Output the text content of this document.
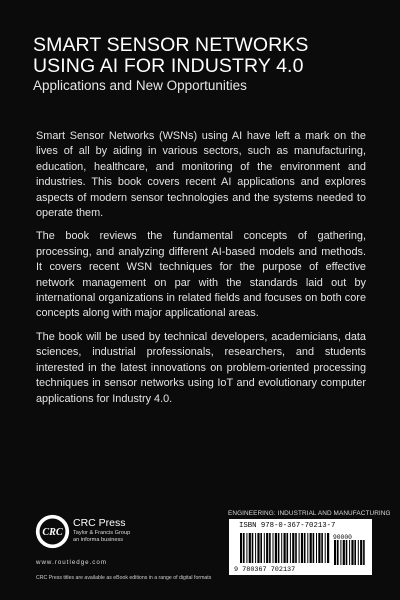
SMART SENSOR NETWORKS
USING AI FOR INDUSTRY 4.0
Applications and New Opportunities

Smart Sensor Networks (WSNs) using AI have left a mark on the lives of all by aiding in various sectors, such as manufacturing, education, healthcare, and monitoring of the environment and industries. This book covers recent AI applications and explores aspects of modern sensor technologies and the systems needed to operate them.

The book reviews the fundamental concepts of gathering, processing, and analyzing different AI-based models and methods. It covers recent WSN techniques for the purpose of effective network management on par with the standards laid out by international organizations in related fields and focuses on both core concepts along with major applicational areas.

The book will be used by technical developers, academicians, data sciences, industrial professionals, researchers, and students interested in the latest innovations on problem-oriented processing techniques in sensor networks using IoT and evolutionary computer applications for Industry 4.0.

CRC
CRC Press
Taylor & Francis Group
an informa business
www.routledge.com
CRC Press titles are available as eBook editions in a range of digital formats
ENGINEERING: INDUSTRIAL AND MANUFACTURING
ISBN 978-0-367-70213-7
9 780367 702137
90000
